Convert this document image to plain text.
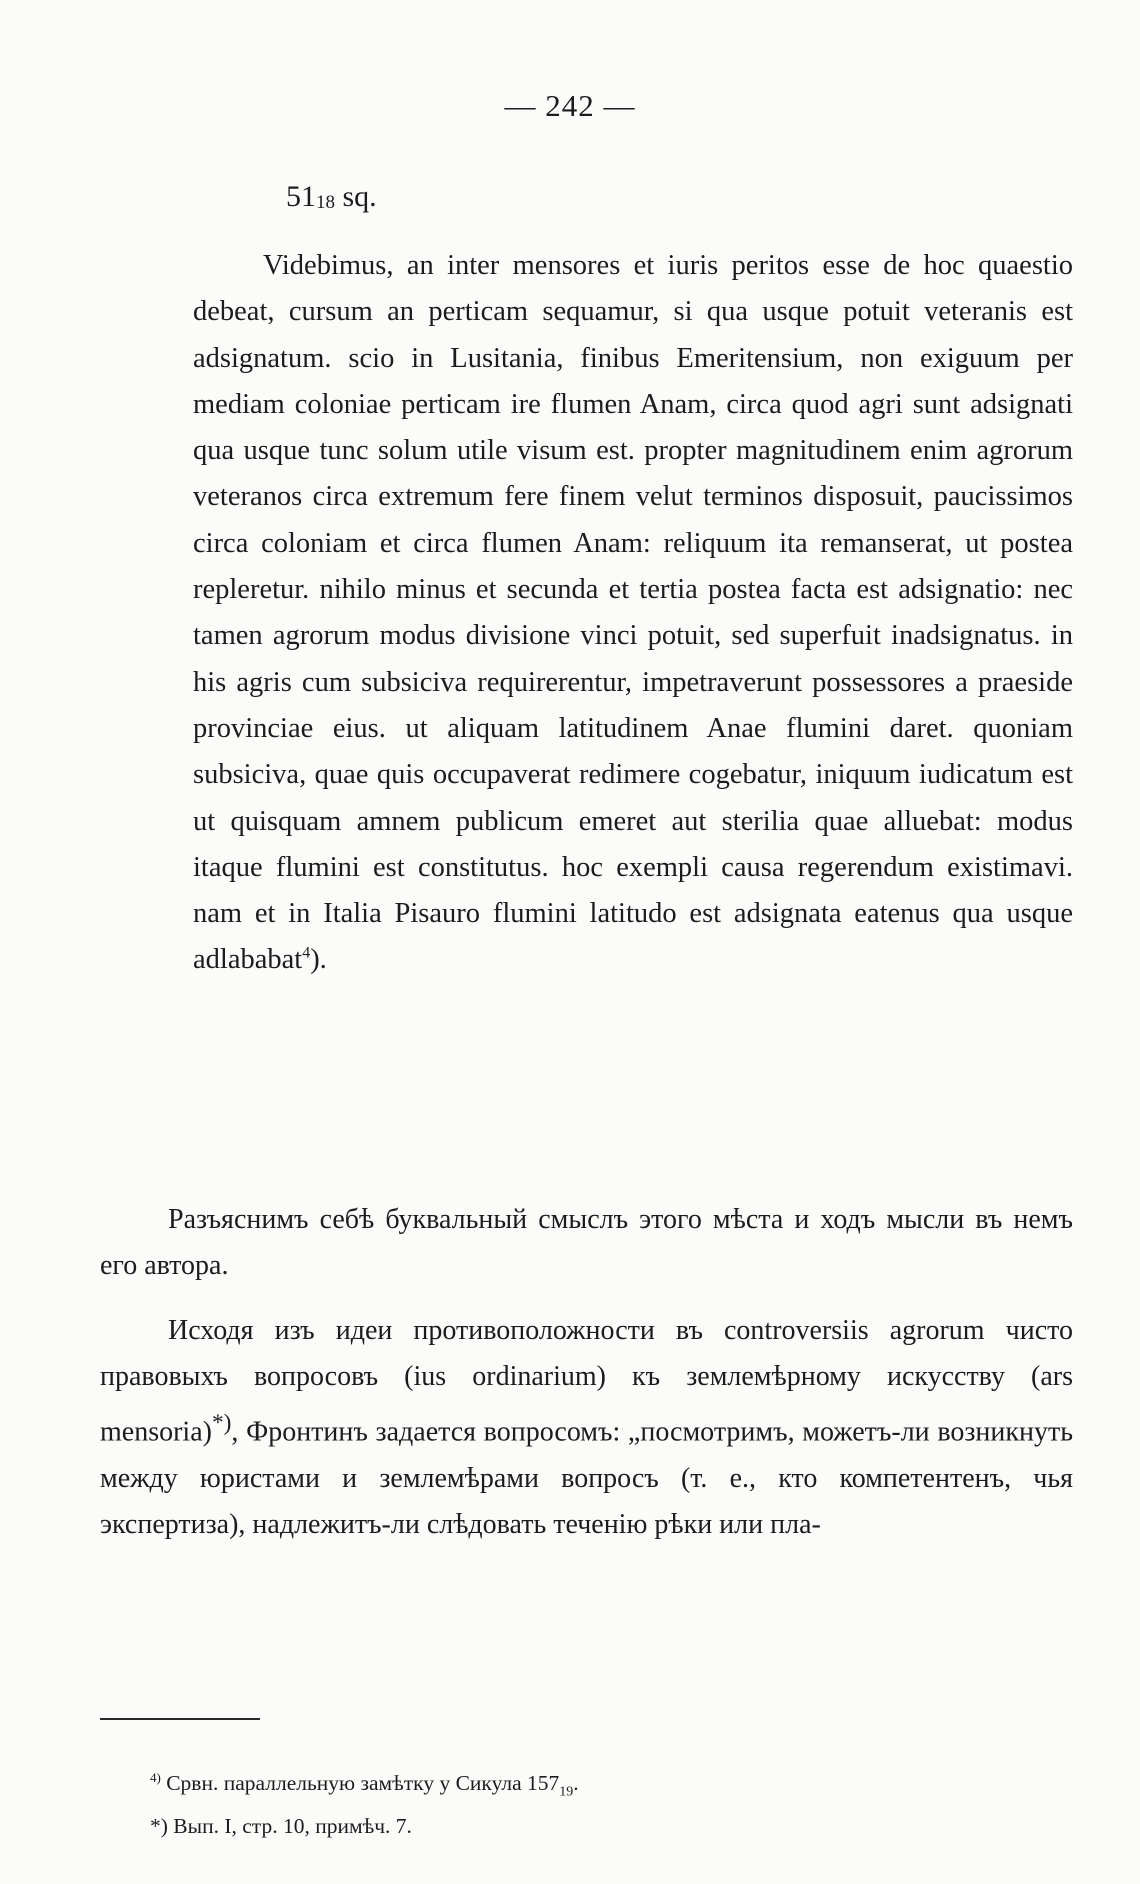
— 242 —
$51_{18}$ sq.

Videbimus, an inter mensores et iuris peritos esse de hoc quaestio debeat, cursum an perticam sequamur, si qua usque potuit veteranis est adsignatum. scio in Lusitania, finibus Emeritensium, non exiguum per mediam coloniae perticam ire flumen Anam, circa quod agri sunt adsignati qua usque tunc solum utile visum est. propter magnitudinem enim agrorum veteranos circa extremum fere finem velut terminos disposuit, paucissimos circa coloniam et circa flumen Anam: reliquum ita remanserat, ut postea repleretur. nihilo minus et secunda et tertia postea facta est adsignatio: nec tamen agrorum modus divisione vinci potuit, sed superfuit inadsignatus. in his agris cum subsiciva requirerentur, impetraverunt possessores a praeside provinciae eius. ut aliquam latitudinem Anae flumini daret. quoniam subsiciva, quae quis occupaverat redimere cogebatur, iniquum iudicatum est ut quisquam amnem publicum emeret aut sterilia quae alluebat: modus itaque flumini est constitutus. hoc exempli causa regerendum existimavi. nam et in Italia Pisauro flumini latitudo est adsignata eatenus qua usque adlababat$^4$).

Разъяснимъ себѣ буквальный смыслъ этого мѣста и ходъ мысли въ немъ его автора.

Исходя изъ идеи противоположности въ controversiis agrorum чисто правовыхъ вопросовъ (ius ordinarium) къ землемѣрному искусству (ars mensoria)*), Фронтинъ задается вопросомъ: „посмотримъ, можетъ-ли возникнуть между юристами и землемѣрами вопросъ (т. е., кто компетентенъ, чья экспертиза), надлежитъ-ли слѣдовать теченію рѣки или пла-

$^{4)}$ Срвн. параллельную замѣтку у Сикула $157_{19}$.

*) Вып. I, стр. 10, примѣч. 7.
